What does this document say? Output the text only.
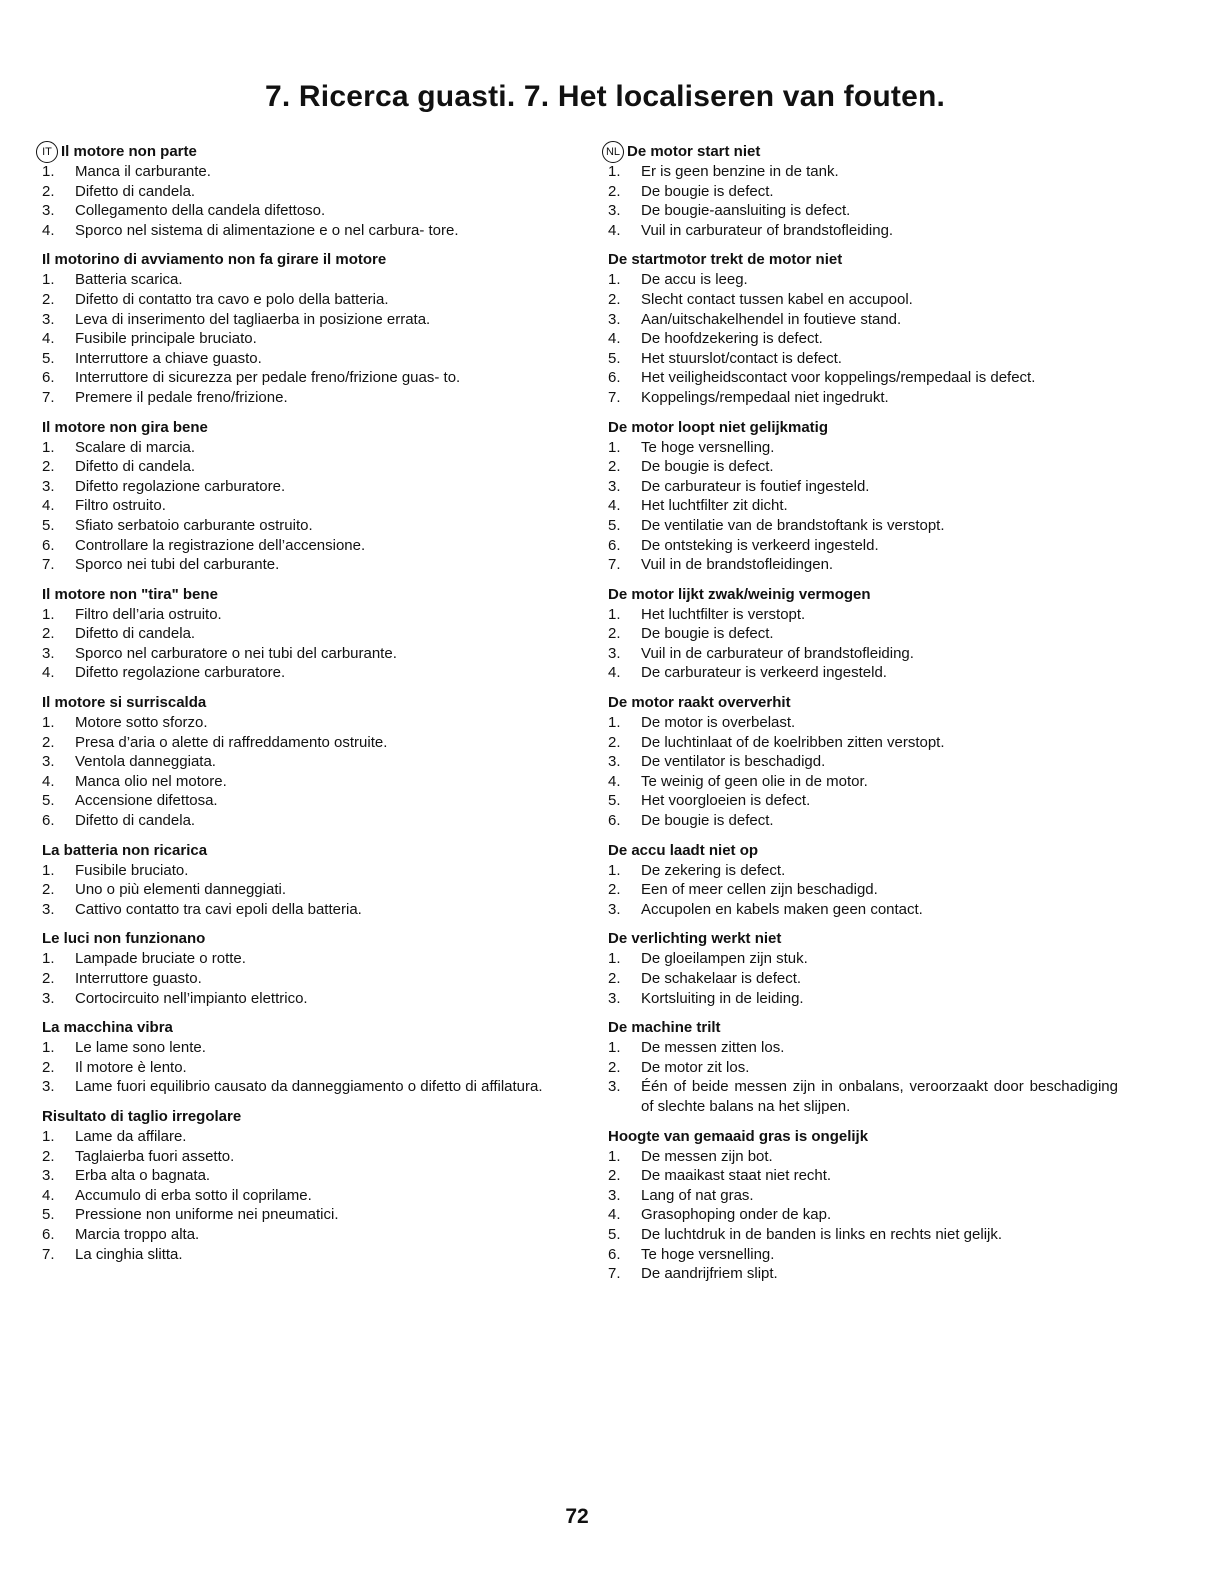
7. Ricerca guasti. 7. Het localiseren van fouten.
IT Il motore non parte
1.	Manca il carburante.
2.	Difetto di candela.
3.	Collegamento della candela difettoso.
4.	Sporco nel sistema di alimentazione e o nel carbura- tore.
Il motorino di avviamento non fa girare il motore
1.	Batteria scarica.
2.	Difetto di contatto tra cavo e polo della batteria.
3.	Leva di inserimento del tagliaerba in posizione errata.
4.	Fusibile principale bruciato.
5.	Interruttore a chiave guasto.
6.	Interruttore di sicurezza per pedale freno/frizione guas- to.
7.	Premere il pedale freno/frizione.
Il motore non gira bene
1.	Scalare di marcia.
2.	Difetto di candela.
3.	Difetto regolazione carburatore.
4.	Filtro ostruito.
5.	Sfiato serbatoio carburante ostruito.
6.	Controllare la registrazione dell’accensione.
7.	Sporco nei tubi del carburante.
Il motore non "tira" bene
1.	Filtro dell’aria ostruito.
2.	Difetto di candela.
3.	Sporco nel carburatore o nei tubi del carburante.
4.	Difetto regolazione carburatore.
Il motore si surriscalda
1.	Motore sotto sforzo.
2.	Presa d’aria o alette di raffreddamento ostruite.
3.	Ventola danneggiata.
4.	Manca olio nel motore.
5.	Accensione difettosa.
6.	Difetto di candela.
La batteria non ricarica
1.	Fusibile bruciato.
2.	Uno o più elementi danneggiati.
3.	Cattivo contatto tra cavi epoli della batteria.
Le luci non funzionano
1.	Lampade bruciate o rotte.
2.	Interruttore guasto.
3.	Cortocircuito nell’impianto elettrico.
La macchina vibra
1.	Le lame sono lente.
2.	Il motore è lento.
3.	Lame fuori equilibrio causato da danneggiamento o difetto di affilatura.
Risultato di taglio irregolare
1.	Lame da affilare.
2.	Taglaierba fuori assetto.
3.	Erba alta o bagnata.
4.	Accumulo di erba sotto il coprilame.
5.	Pressione non uniforme nei pneumatici.
6.	Marcia troppo alta.
7.	La cinghia slitta.
NL De motor start niet
1.	Er is geen benzine in de tank.
2.	De bougie is defect.
3.	De bougie-aansluiting is defect.
4.	Vuil in carburateur of brandstofleiding.
De startmotor trekt de motor niet
1.	De accu is leeg.
2.	Slecht contact tussen kabel en accupool.
3.	Aan/uitschakelhendel in foutieve stand.
4.	De hoofdzekering is defect.
5.	Het stuurslot/contact is defect.
6.	Het veiligheidscontact voor koppelings/rempedaal is defect.
7.	Koppelings/rempedaal niet ingedrukt.
De motor loopt niet gelijkmatig
1.	Te hoge versnelling.
2.	De bougie is defect.
3.	De carburateur is foutief ingesteld.
4.	Het luchtfilter zit dicht.
5.	De ventilatie van de brandstoftank is verstopt.
6.	De ontsteking is verkeerd ingesteld.
7.	Vuil in de brandstofleidingen.
De motor lijkt zwak/weinig vermogen
1.	Het luchtfilter is verstopt.
2.	De bougie is defect.
3.	Vuil in de carburateur of brandstofleiding.
4.	De carburateur is verkeerd ingesteld.
De motor raakt oververhit
1.	De motor is overbelast.
2.	De luchtinlaat of de koelribben zitten verstopt.
3.	De ventilator is beschadigd.
4.	Te weinig of geen olie in de motor.
5.	Het voorgloeien is defect.
6.	De bougie is defect.
De accu laadt niet op
1.	De zekering is defect.
2.	Een of meer cellen zijn beschadigd.
3.	Accupolen en kabels maken geen contact.
De verlichting werkt niet
1.	De gloeilampen zijn stuk.
2.	De schakelaar is defect.
3.	Kortsluiting in de leiding.
De machine trilt
1.	De messen zitten los.
2.	De motor zit los.
3.	Één of beide messen zijn in onbalans, veroorzaakt door beschadiging of slechte balans na het slijpen.
Hoogte van gemaaid gras is ongelijk
1.	De messen zijn bot.
2.	De maaikast staat niet recht.
3.	Lang of nat gras.
4.	Grasophoping onder de kap.
5.	De luchtdruk in de banden is links en rechts niet gelijk.
6.	Te hoge versnelling.
7.	De aandrijfriem slipt.
72
